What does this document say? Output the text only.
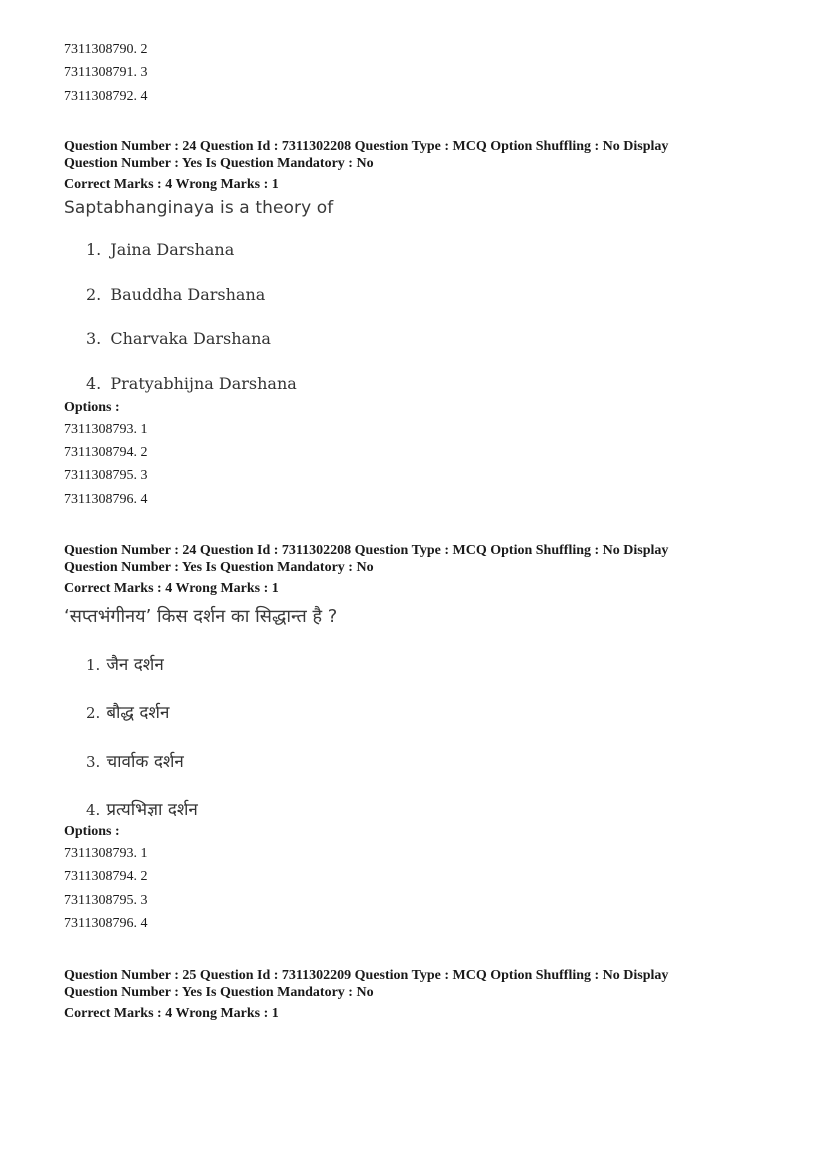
7311308790. 2
7311308791. 3
7311308792. 4
Question Number : 24 Question Id : 7311302208 Question Type : MCQ Option Shuffling : No Display
Question Number : Yes Is Question Mandatory : No
Correct Marks : 4 Wrong Marks : 1
Saptabhanginaya is a theory of
1. Jaina Darshana
2. Bauddha Darshana
3. Charvaka Darshana
4. Pratyabhijna Darshana
Options :
7311308793. 1
7311308794. 2
7311308795. 3
7311308796. 4
Question Number : 24 Question Id : 7311302208 Question Type : MCQ Option Shuffling : No Display
Question Number : Yes Is Question Mandatory : No
Correct Marks : 4 Wrong Marks : 1
‘सप्तभंगीनय’ किस दर्शन का सिद्धान्त है ?
1. जैन दर्शन
2. बौद्ध दर्शन
3. चार्वाक दर्शन
4. प्रत्यभिज्ञा दर्शन
Options :
7311308793. 1
7311308794. 2
7311308795. 3
7311308796. 4
Question Number : 25 Question Id : 7311302209 Question Type : MCQ Option Shuffling : No Display
Question Number : Yes Is Question Mandatory : No
Correct Marks : 4 Wrong Marks : 1
